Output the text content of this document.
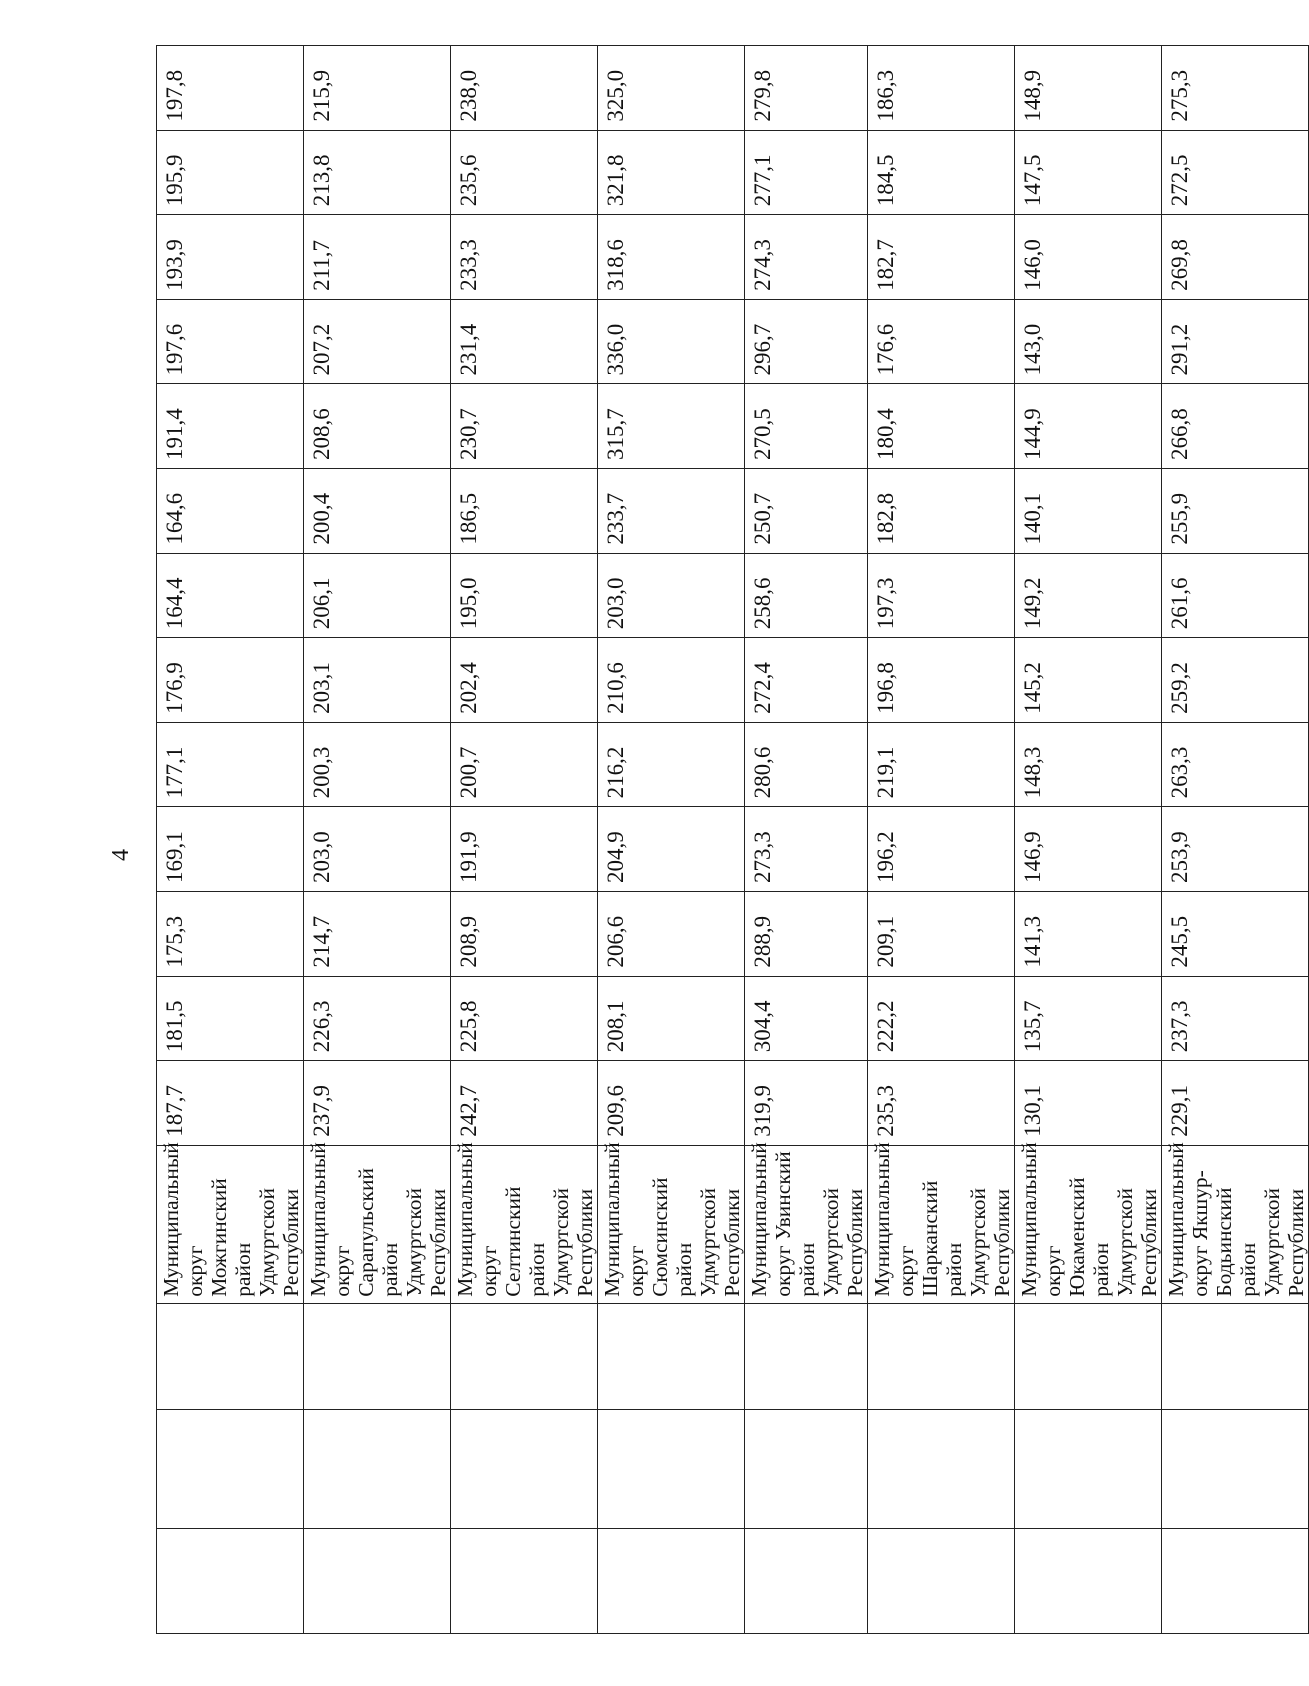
4
			Муниципальный округ Можгинский район Удмуртской Республики	187,7	181,5	175,3	169,1	177,1	176,9	164,4	164,6	191,4	197,6	193,9	195,9	197,8
			Муниципальный округ Сарапульский район Удмуртской Республики	237,9	226,3	214,7	203,0	200,3	203,1	206,1	200,4	208,6	207,2	211,7	213,8	215,9
			Муниципальный округ Селтинский район Удмуртской Республики	242,7	225,8	208,9	191,9	200,7	202,4	195,0	186,5	230,7	231,4	233,3	235,6	238,0
			Муниципальный округ Сюмсинский район Удмуртской Республики	209,6	208,1	206,6	204,9	216,2	210,6	203,0	233,7	315,7	336,0	318,6	321,8	325,0
			Муниципальный округ Увинский район Удмуртской Республики	319,9	304,4	288,9	273,3	280,6	272,4	258,6	250,7	270,5	296,7	274,3	277,1	279,8
			Муниципальный округ Шарканский район Удмуртской Республики	235,3	222,2	209,1	196,2	219,1	196,8	197,3	182,8	180,4	176,6	182,7	184,5	186,3
			Муниципальный округ Юкаменский район Удмуртской Республики	130,1	135,7	141,3	146,9	148,3	145,2	149,2	140,1	144,9	143,0	146,0	147,5	148,9
			Муниципальный округ Якшур-Бодьинский район Удмуртской Республики	229,1	237,3	245,5	253,9	263,3	259,2	261,6	255,9	266,8	291,2	269,8	272,5	275,3
